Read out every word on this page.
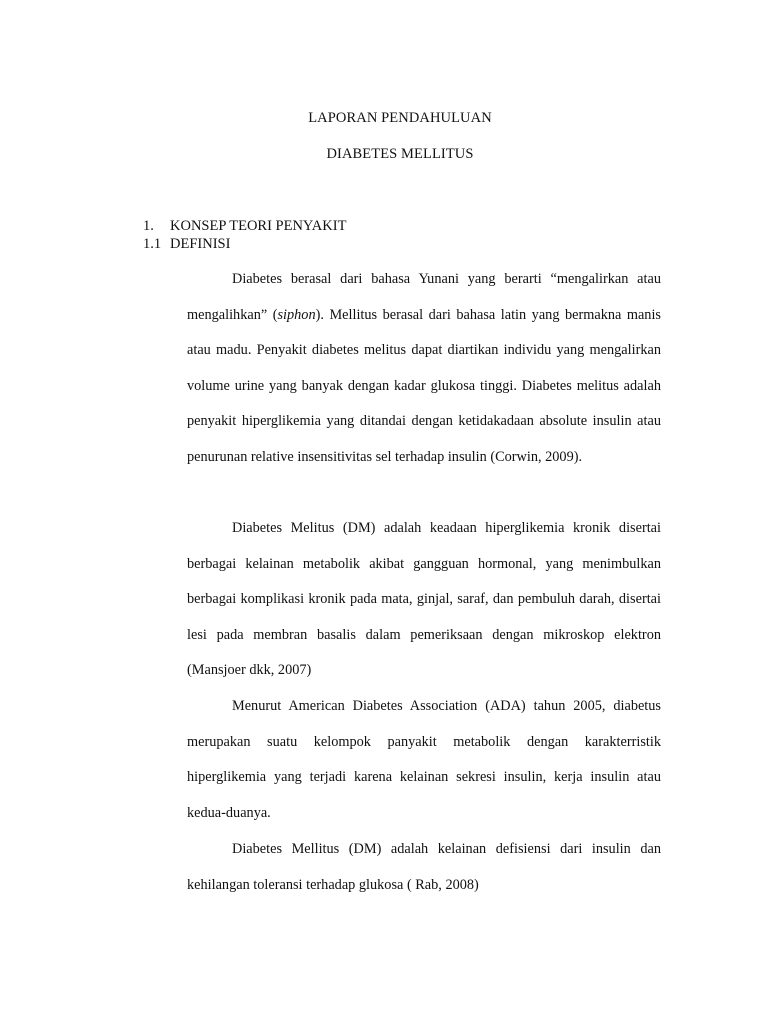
LAPORAN PENDAHULUAN
DIABETES MELLITUS
1. KONSEP TEORI PENYAKIT
1.1 DEFINISI

Diabetes berasal dari bahasa Yunani yang berarti “mengalirkan atau mengalihkan” (siphon). Mellitus berasal dari bahasa latin yang bermakna manis atau madu. Penyakit diabetes melitus dapat diartikan individu yang mengalirkan volume urine yang banyak dengan kadar glukosa tinggi. Diabetes melitus adalah penyakit hiperglikemia yang ditandai dengan ketidakadaan absolute insulin atau penurunan relative insensitivitas sel terhadap insulin (Corwin, 2009).

Diabetes Melitus (DM) adalah keadaan hiperglikemia kronik disertai berbagai kelainan metabolik akibat gangguan hormonal, yang menimbulkan berbagai komplikasi kronik pada mata, ginjal, saraf, dan pembuluh darah, disertai lesi pada membran basalis dalam pemeriksaan dengan mikroskop elektron (Mansjoer dkk, 2007)

Menurut American Diabetes Association (ADA) tahun 2005, diabetus merupakan suatu kelompok panyakit metabolik dengan karakterristik hiperglikemia yang terjadi karena kelainan sekresi insulin, kerja insulin atau kedua-duanya.

Diabetes Mellitus (DM) adalah kelainan defisiensi dari insulin dan kehilangan toleransi terhadap glukosa ( Rab, 2008)
